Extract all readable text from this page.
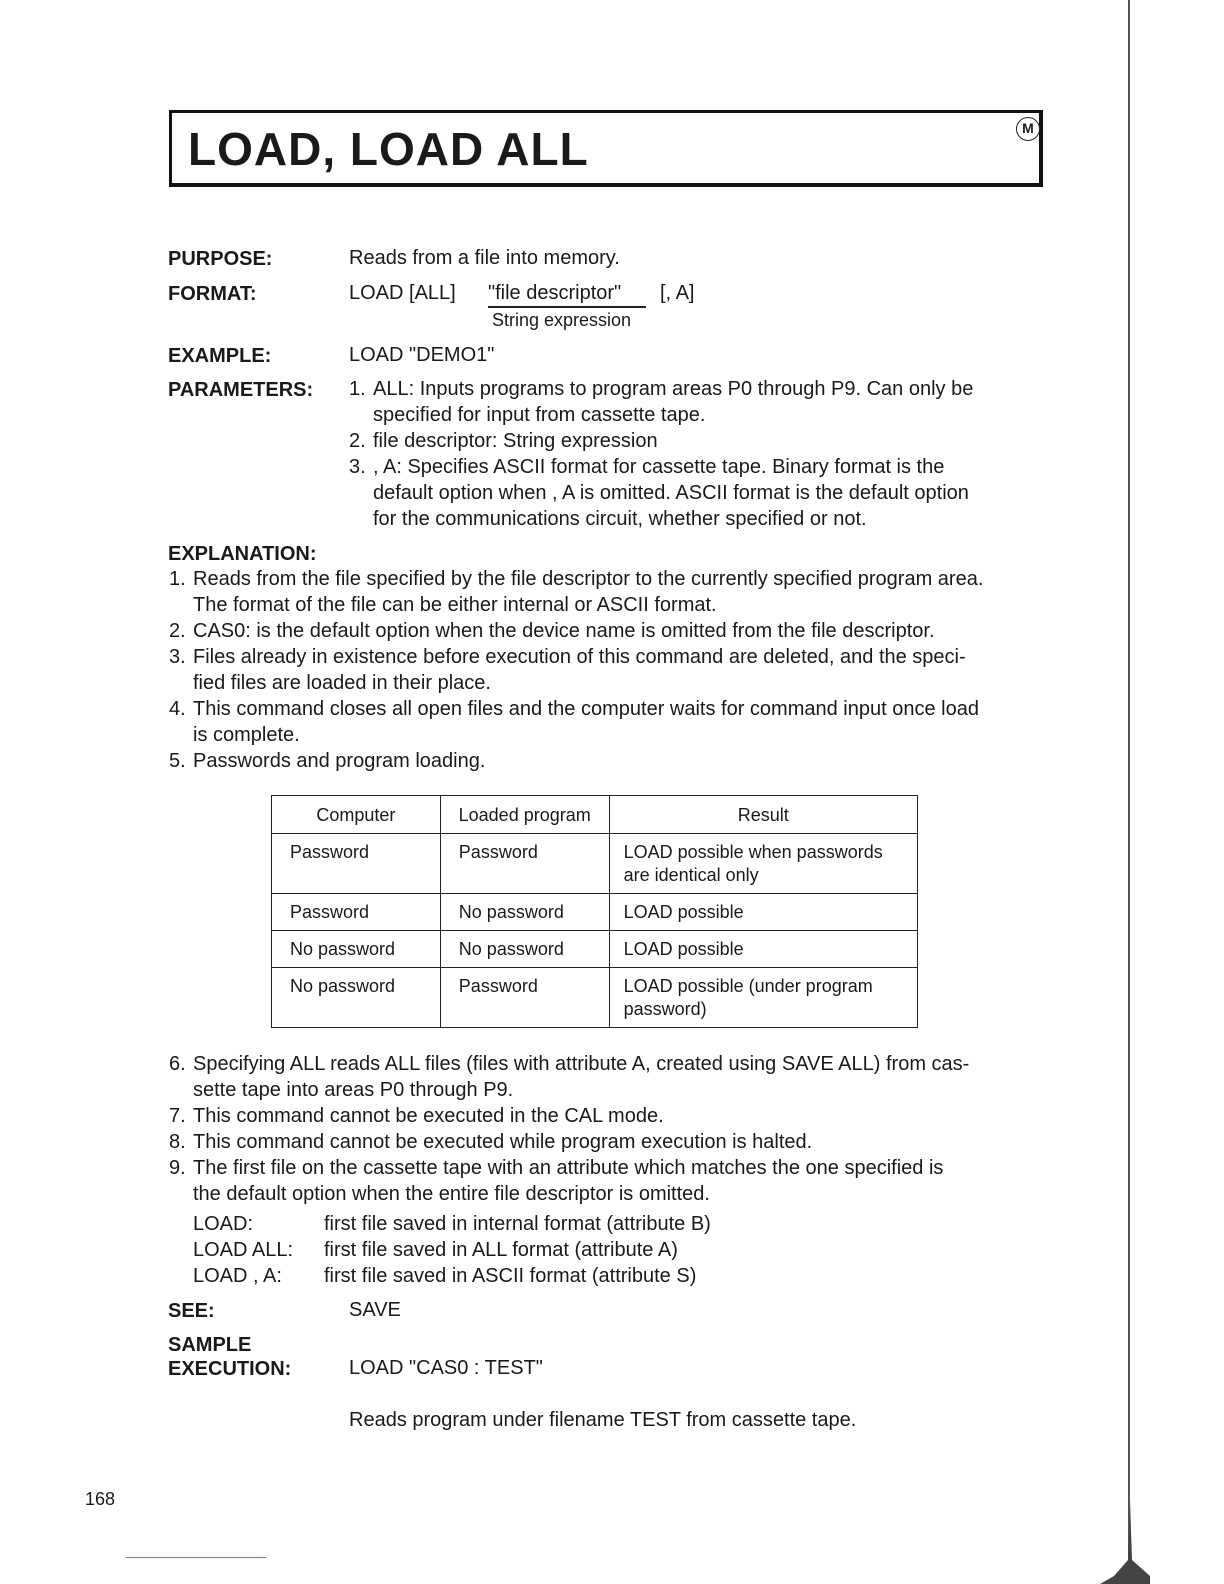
LOAD, LOAD ALL	M
PURPOSE:	Reads from a file into memory.
FORMAT:	LOAD [ALL] "file descriptor" [, A]
String expression
EXAMPLE:	LOAD "DEMO1"
PARAMETERS: 1. ALL: Inputs programs to program areas P0 through P9. Can only be
specified for input from cassette tape.
2. file descriptor: String expression
3. , A: Specifies ASCII format for cassette tape. Binary format is the
default option when , A is omitted. ASCII format is the default option
for the communications circuit, whether specified or not.
EXPLANATION:
1. Reads from the file specified by the file descriptor to the currently specified program area.
The format of the file can be either internal or ASCII format.
2. CAS0: is the default option when the device name is omitted from the file descriptor.
3. Files already in existence before execution of this command are deleted, and the speci-
fied files are loaded in their place.
4. This command closes all open files and the computer waits for command input once load
is complete.
5. Passwords and program loading.
Computer	Loaded program	Result
Password	Password	LOAD possible when passwords are identical only
Password	No password	LOAD possible
No password	No password	LOAD possible
No password	Password	LOAD possible (under program password)
6. Specifying ALL reads ALL files (files with attribute A, created using SAVE ALL) from cas-
sette tape into areas P0 through P9.
7. This command cannot be executed in the CAL mode.
8. This command cannot be executed while program execution is halted.
9. The first file on the cassette tape with an attribute which matches the one specified is
the default option when the entire file descriptor is omitted.
LOAD:	first file saved in internal format (attribute B)
LOAD ALL: first file saved in ALL format (attribute A)
LOAD , A: first file saved in ASCII format (attribute S)
SEE:	SAVE
SAMPLE
EXECUTION:	LOAD "CAS0 : TEST"
Reads program under filename TEST from cassette tape.
168
